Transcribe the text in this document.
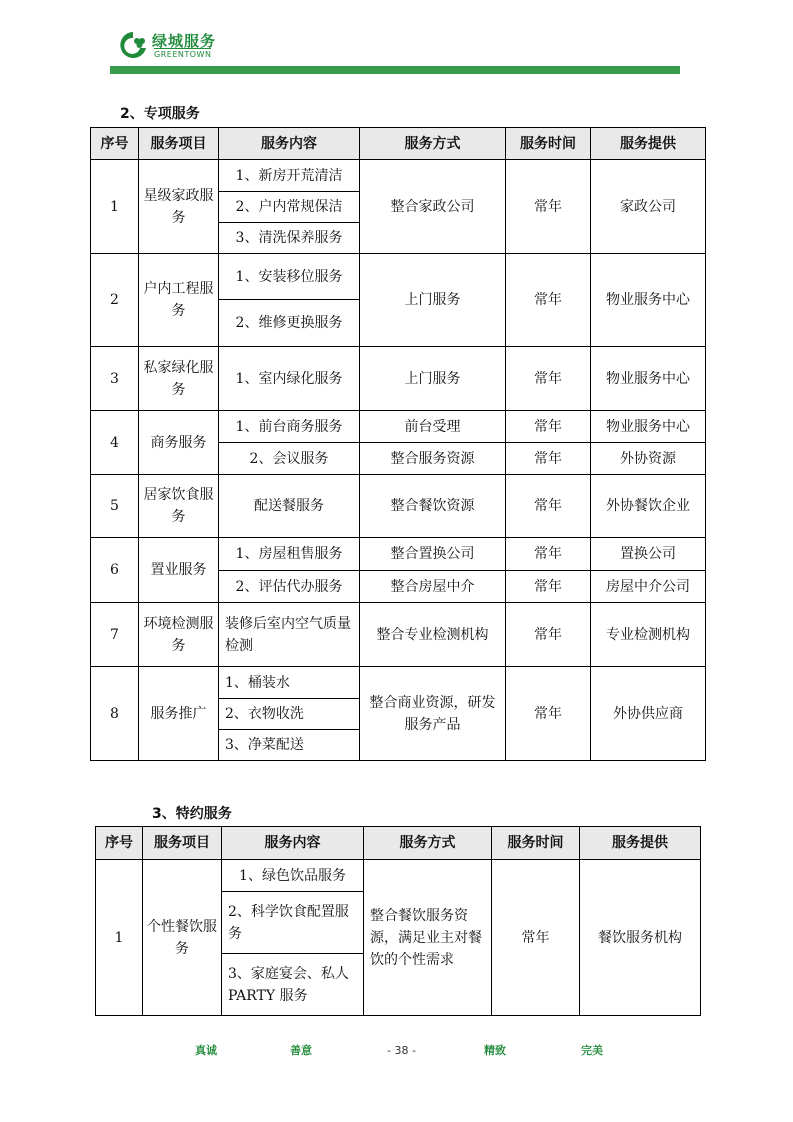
绿城服务
GREENTOWN
2、专项服务
序号	服务项目	服务内容	服务方式	服务时间	服务提供
1	星级家政服务	1、新房开荒清洁	整合家政公司	常年	家政公司
		2、户内常规保洁			
		3、清洗保养服务			
2	户内工程服务	1、安装移位服务	上门服务	常年	物业服务中心
		2、维修更换服务			
3	私家绿化服务	1、室内绿化服务	上门服务	常年	物业服务中心
4	商务服务	1、前台商务服务	前台受理	常年	物业服务中心
		2、会议服务	整合服务资源	常年	外协资源
5	居家饮食服务	配送餐服务	整合餐饮资源	常年	外协餐饮企业
6	置业服务	1、房屋租售服务	整合置换公司	常年	置换公司
		2、评估代办服务	整合房屋中介	常年	房屋中介公司
7	环境检测服务	装修后室内空气质量检测	整合专业检测机构	常年	专业检测机构
8	服务推广	1、桶装水	整合商业资源，研发服务产品	常年	外协供应商
		2、衣物收洗			
		3、净菜配送			
3、特约服务
序号	服务项目	服务内容	服务方式	服务时间	服务提供
1	个性餐饮服务	1、绿色饮品服务	整合餐饮服务资源，满足业主对餐饮的个性需求	常年	餐饮服务机构
		2、科学饮食配置服务			
		3、家庭宴会、私人PARTY 服务			
真诚	善意	- 38 -	精致	完美
